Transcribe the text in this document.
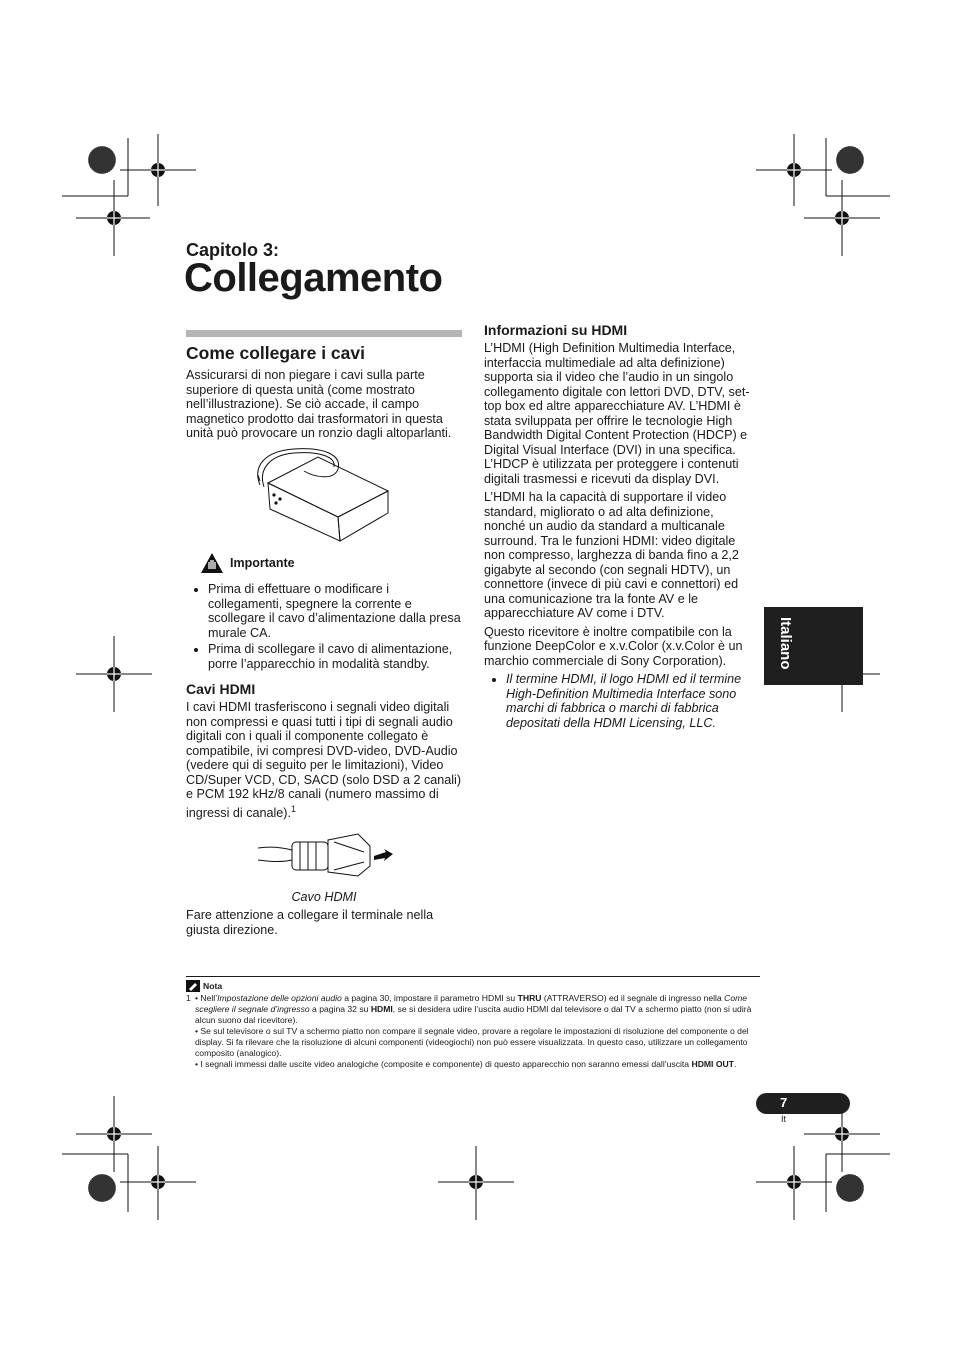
Capitolo 3:
Collegamento
Come collegare i cavi

Assicurarsi di non piegare i cavi sulla parte superiore di questa unità (come mostrato nell’illustrazione). Se ciò accade, il campo magnetico prodotto dai trasformatori in questa unità può provocare un ronzio dagli altoparlanti.

Importante
• Prima di effettuare o modificare i collegamenti, spegnere la corrente e scollegare il cavo d’alimentazione dalla presa murale CA.
• Prima di scollegare il cavo di alimentazione, porre l’apparecchio in modalità standby.
Cavi HDMI

I cavi HDMI trasferiscono i segnali video digitali non compressi e quasi tutti i tipi di segnali audio digitali con i quali il componente collegato è compatibile, ivi compresi DVD-video, DVD-Audio (vedere qui di seguito per le limitazioni), Video CD/Super VCD, CD, SACD (solo DSD a 2 canali) e PCM 192 kHz/8 canali (numero massimo di ingressi di canale).$^1$

Cavo HDMI

Fare attenzione a collegare il terminale nella giusta direzione.

Informazioni su HDMI

L’HDMI (High Definition Multimedia Interface, interfaccia multimediale ad alta definizione) supporta sia il video che l’audio in un singolo collegamento digitale con lettori DVD, DTV, set-top box ed altre apparecchiature AV. L’HDMI è stata sviluppata per offrire le tecnologie High Bandwidth Digital Content Protection (HDCP) e Digital Visual Interface (DVI) in una specifica. L’HDCP è utilizzata per proteggere i contenuti digitali trasmessi e ricevuti da display DVI.

L’HDMI ha la capacità di supportare il video standard, migliorato o ad alta definizione, nonché un audio da standard a multicanale surround. Tra le funzioni HDMI: video digitale non compresso, larghezza di banda fino a 2,2 gigabyte al secondo (con segnali HDTV), un connettore (invece di più cavi e connettori) ed una comunicazione tra la fonte AV e le apparecchiature AV come i DTV.

Questo ricevitore è inoltre compatibile con la funzione DeepColor e x.v.Color (x.v.Color è un marchio commerciale di Sony Corporation).

• Il termine HDMI, il logo HDMI ed il termine High-Definition Multimedia Interface sono marchi di fabbrica o marchi di fabbrica depositati della HDMI Licensing, LLC.
Italiano
Nota

1 • Nell’Impostazione delle opzioni audio a pagina 30, impostare il parametro HDMI su THRU (ATTRAVERSO) ed il segnale di ingresso nella Come scegliere il segnale d’ingresso a pagina 32 su HDMI, se si desidera udire l’uscita audio HDMI dal televisore o dal TV a schermo piatto (non si udirà alcun suono dal ricevitore).

• Se sul televisore o sul TV a schermo piatto non compare il segnale video, provare a regolare le impostazioni di risoluzione del componente o del display. Si fa rilevare che la risoluzione di alcuni componenti (videogiochi) non può essere visualizzata. In questo caso, utilizzare un collegamento composito (analogico).

• I segnali immessi dalle uscite video analogiche (composite e componente) di questo apparecchio non saranno emessi dall’uscita HDMI OUT.

7
It
